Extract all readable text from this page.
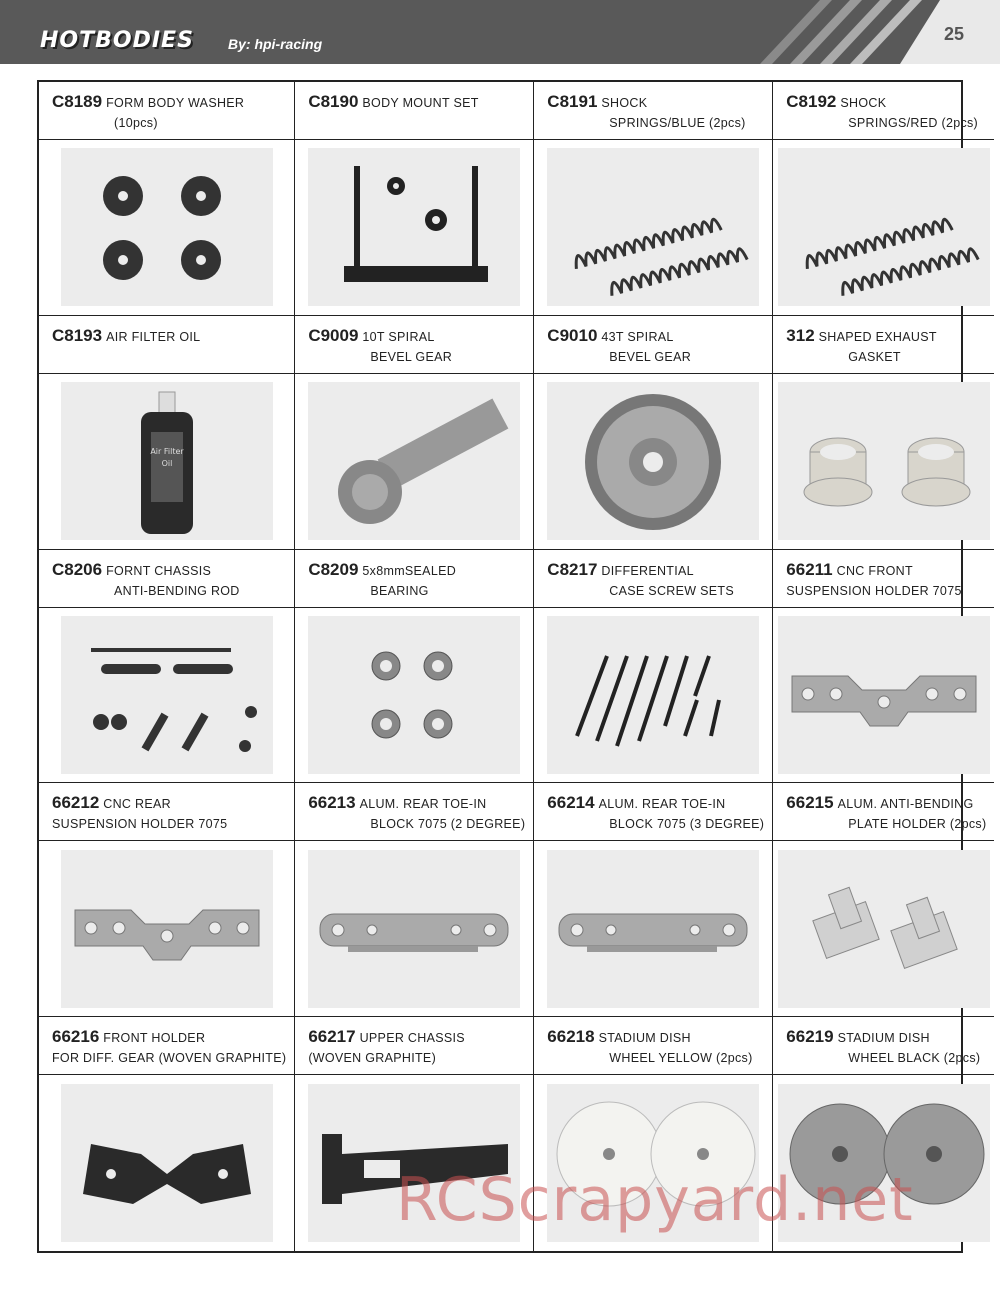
25
HOTBODIES By: hpi-racing
C8189 FORM BODY WASHER
(10pcs)
C8190 BODY MOUNT SET	C8191 SHOCK
SPRINGS/BLUE (2pcs)
C8192 SHOCK
SPRINGS/RED (2pcs)
C8193 AIR FILTER OIL
Air Filter
Oil
C9009 10T SPIRAL
BEVEL GEAR
C9010 43T SPIRAL
BEVEL GEAR
312 SHAPED EXHAUST
GASKET
C8206 FORNT CHASSIS
ANTI-BENDING ROD
C8209 5x8mmSEALED
BEARING
C8217 DIFFERENTIAL
CASE SCREW SETS
66211 CNC FRONT
SUSPENSION HOLDER 7075
66212 CNC REAR
SUSPENSION HOLDER 7075
66213 ALUM. REAR TOE-IN
BLOCK 7075 (2 DEGREE)
66214 ALUM. REAR TOE-IN
BLOCK 7075 (3 DEGREE)
66215 ALUM. ANTI-BENDING
PLATE HOLDER (2pcs)
66216 FRONT HOLDER
FOR DIFF. GEAR (WOVEN GRAPHITE)
66217 UPPER CHASSIS
(WOVEN GRAPHITE)
66218 STADIUM DISH
WHEEL YELLOW (2pcs)
66219 STADIUM DISH
WHEEL BLACK (2pcs)
RCScrapyard.net
